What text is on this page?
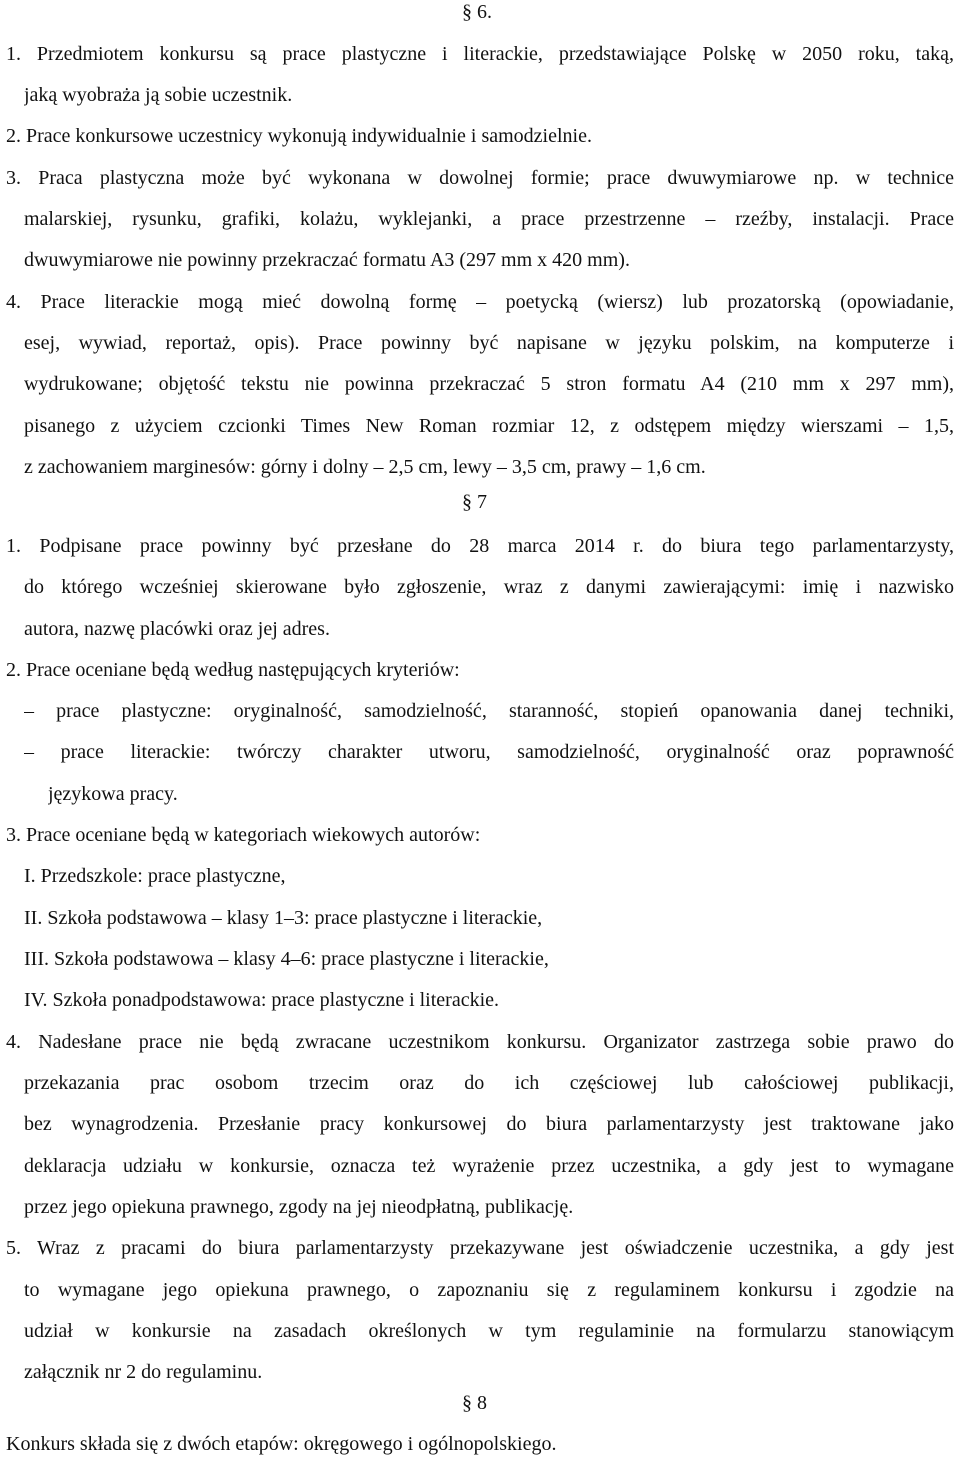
§ 6.
1. Przedmiotem konkursu są prace plastyczne i literackie, przedstawiające Polskę w 2050 roku, taką,
jaką wyobraża ją sobie uczestnik.
2. Prace konkursowe uczestnicy wykonują indywidualnie i samodzielnie.
3. Praca plastyczna może być wykonana w dowolnej formie; prace dwuwymiarowe np. w technice
malarskiej, rysunku, grafiki, kolażu, wyklejanki, a prace przestrzenne – rzeźby, instalacji. Prace
dwuwymiarowe nie powinny przekraczać formatu A3 (297 mm x 420 mm).
4. Prace literackie mogą mieć dowolną formę – poetycką (wiersz) lub prozatorską (opowiadanie,
esej, wywiad, reportaż, opis). Prace powinny być napisane w języku polskim, na komputerze i
wydrukowane; objętość tekstu nie powinna przekraczać 5 stron formatu A4 (210 mm x 297 mm),
pisanego z użyciem czcionki Times New Roman rozmiar 12, z odstępem między wierszami – 1,5,
z zachowaniem marginesów: górny i dolny – 2,5 cm, lewy – 3,5 cm, prawy – 1,6 cm.
§ 7
1. Podpisane prace powinny być przesłane do 28 marca 2014 r. do biura tego parlamentarzysty,
do którego wcześniej skierowane było zgłoszenie, wraz z danymi zawierającymi: imię i nazwisko
autora, nazwę placówki oraz jej adres.
2. Prace oceniane będą według następujących kryteriów:
– prace plastyczne: oryginalność, samodzielność, staranność, stopień opanowania danej techniki,
– prace literackie: twórczy charakter utworu, samodzielność, oryginalność oraz poprawność
językowa pracy.
3. Prace oceniane będą w kategoriach wiekowych autorów:
I. Przedszkole: prace plastyczne,
II. Szkoła podstawowa – klasy 1–3: prace plastyczne i literackie,
III. Szkoła podstawowa – klasy 4–6: prace plastyczne i literackie,
IV. Szkoła ponadpodstawowa: prace plastyczne i literackie.
4. Nadesłane prace nie będą zwracane uczestnikom konkursu. Organizator zastrzega sobie prawo do
przekazania prac osobom trzecim oraz do ich częściowej lub całościowej publikacji,
bez wynagrodzenia. Przesłanie pracy konkursowej do biura parlamentarzysty jest traktowane jako
deklaracja udziału w konkursie, oznacza też wyrażenie przez uczestnika, a gdy jest to wymagane
przez jego opiekuna prawnego, zgody na jej nieodpłatną, publikację.
5. Wraz z pracami do biura parlamentarzysty przekazywane jest oświadczenie uczestnika, a gdy jest
to wymagane jego opiekuna prawnego, o zapoznaniu się z regulaminem konkursu i zgodzie na
udział w konkursie na zasadach określonych w tym regulaminie na formularzu stanowiącym
załącznik nr 2 do regulaminu.
§ 8
Konkurs składa się z dwóch etapów: okręgowego i ogólnopolskiego.
